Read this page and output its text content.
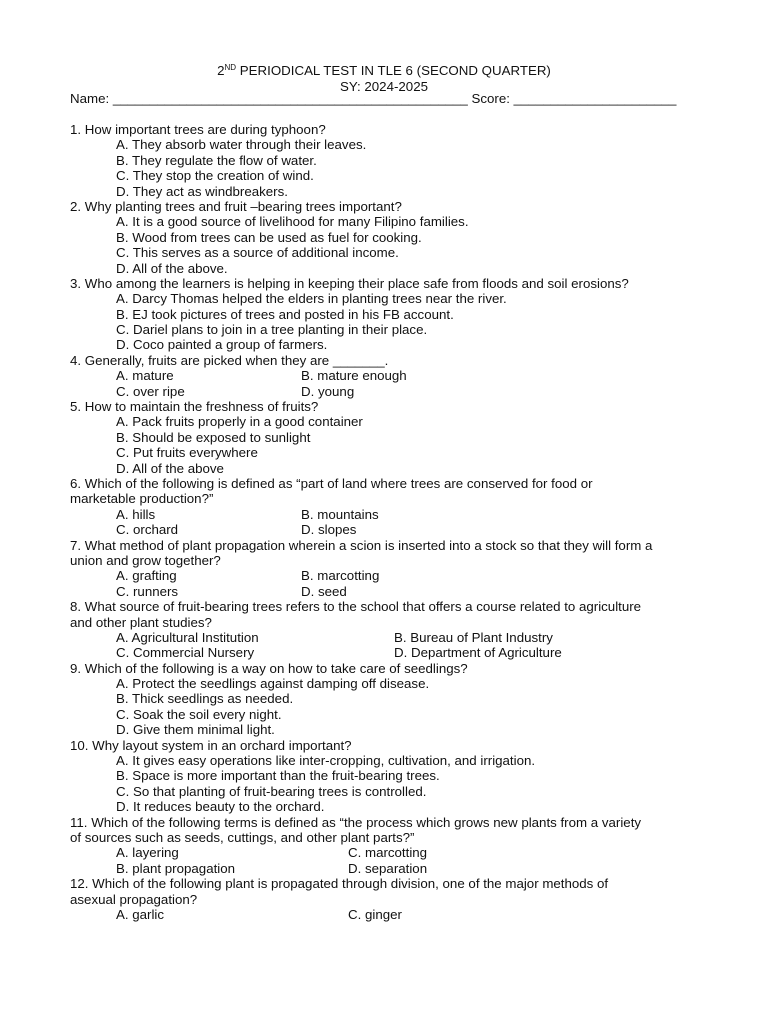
2ND PERIODICAL TEST IN TLE 6 (SECOND QUARTER)
SY: 2024-2025
Name: ________________________________________________ Score: ______________________
1. How important trees are during typhoon?
A. They absorb water through their leaves.
B. They regulate the flow of water.
C. They stop the creation of wind.
D. They act as windbreakers.
2. Why planting trees and fruit –bearing trees important?
A. It is a good source of livelihood for many Filipino families.
B. Wood from trees can be used as fuel for cooking.
C. This serves as a source of additional income.
D. All of the above.
3. Who among the learners is helping in keeping their place safe from floods and soil erosions?
A. Darcy Thomas helped the elders in planting trees near the river.
B. EJ took pictures of trees and posted in his FB account.
C. Dariel plans to join in a tree planting in their place.
D. Coco painted a group of farmers.
4. Generally, fruits are picked when they are _______.
A. mature	B. mature enough
C. over ripe	D. young
5. How to maintain the freshness of fruits?
A. Pack fruits properly in a good container
B. Should be exposed to sunlight
C. Put fruits everywhere
D. All of the above
6. Which of the following is defined as “part of land where trees are conserved for food or
marketable production?”
A. hills	B. mountains
C. orchard	D. slopes
7. What method of plant propagation wherein a scion is inserted into a stock so that they will form a
union and grow together?
A. grafting	B. marcotting
C. runners	D. seed
8. What source of fruit-bearing trees refers to the school that offers a course related to agriculture
and other plant studies?
A. Agricultural Institution	B. Bureau of Plant Industry
C. Commercial Nursery	D. Department of Agriculture
9. Which of the following is a way on how to take care of seedlings?
A. Protect the seedlings against damping off disease.
B. Thick seedlings as needed.
C. Soak the soil every night.
D. Give them minimal light.
10. Why layout system in an orchard important?
A. It gives easy operations like inter-cropping, cultivation, and irrigation.
B. Space is more important than the fruit-bearing trees.
C. So that planting of fruit-bearing trees is controlled.
D. It reduces beauty to the orchard.
11. Which of the following terms is defined as “the process which grows new plants from a variety
of sources such as seeds, cuttings, and other plant parts?”
A. layering	C. marcotting
B. plant propagation	D. separation
12. Which of the following plant is propagated through division, one of the major methods of
asexual propagation?
A. garlic	C. ginger
